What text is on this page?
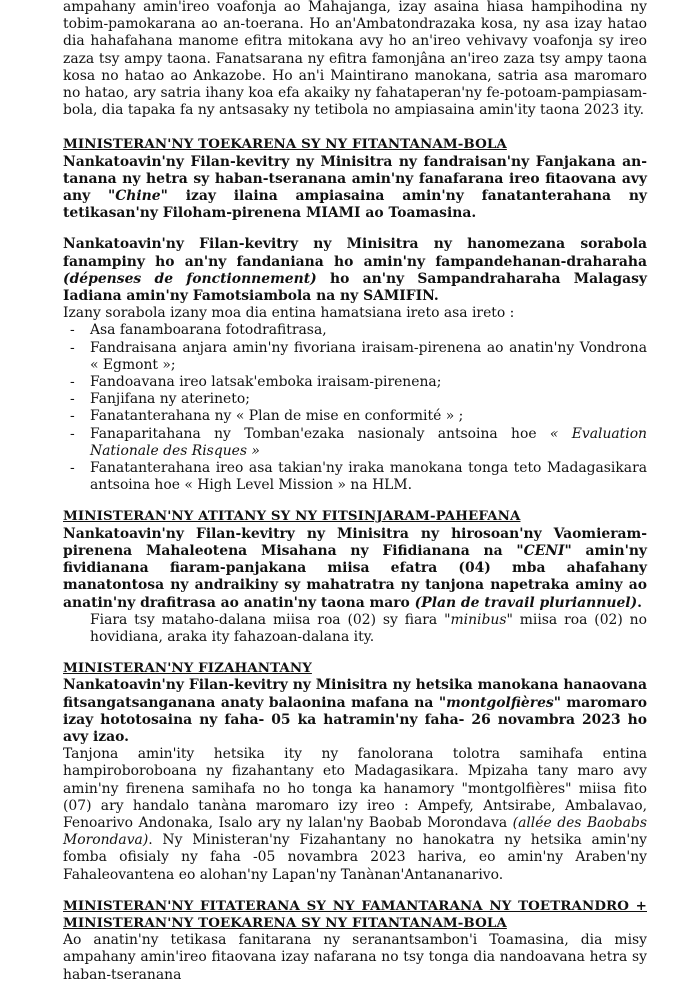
ampahany amin'ireo voafonja ao Mahajanga, izay asaina hiasa hampihodina ny tobim-pamokarana ao an-toerana. Ho an'Ambatondrazaka kosa, ny asa izay hatao dia hahafahana manome efitra mitokana avy ho an'ireo vehivavy voafonja sy ireo zaza tsy ampy taona. Fanatsarana ny efitra famonjâna an'ireo zaza tsy ampy taona kosa no hatao ao Ankazobe. Ho an'i Maintirano manokana, satria asa maromaro no hatao, ary satria ihany koa efa akaiky ny fahataperan'ny fe-potoam-pampiasam-bola, dia tapaka fa ny antsasaky ny tetibola no ampiasaina amin'ity taona 2023 ity.

MINISTERAN'NY TOEKARENA SY NY FITANTANAM-BOLA

Nankatoavin'ny Filan-kevitry ny Minisitra ny fandraisan'ny Fanjakana an-tanana ny hetra sy haban-tseranana amin'ny fanafarana ireo fitaovana avy any "Chine" izay ilaina ampiasaina amin'ny fanatanterahana ny tetikasan'ny Filoham-pirenena MIAMI ao Toamasina.

Nankatoavin'ny Filan-kevitry ny Minisitra ny hanomezana sorabola fanampiny ho an'ny fandaniana ho amin'ny fampandehanan-draharaha (dépenses de fonctionnement) ho an'ny Sampandraharaha Malagasy Iadiana amin'ny Famotsiambola na ny SAMIFIN.

Izany sorabola izany moa dia entina hamatsiana ireto asa ireto :

- Asa fanamboarana fotodrafitrasa,
- Fandraisana anjara amin'ny fivoriana iraisam-pirenena ao anatin'ny Vondrona « Egmont »;
- Fandoavana ireo latsak'emboka iraisam-pirenena;
- Fanjifana ny aterineto;
- Fanatanterahana ny « Plan de mise en conformité » ;
- Fanaparitahana ny Tomban'ezaka nasionaly antsoina hoe « Evaluation Nationale des Risques »
- Fanatanterahana ireo asa takian'ny iraka manokana tonga teto Madagasikara antsoina hoe « High Level Mission » na HLM.

MINISTERAN'NY ATITANY SY NY FITSINJARAM-PAHEFANA

Nankatoavin'ny Filan-kevitry ny Minisitra ny hirosoan'ny Vaomieram-pirenena Mahaleotena Misahana ny Fifidianana na "CENI" amin'ny fividianana fiaram-panjakana miisa efatra (04) mba ahafahany manatontosa ny andraikiny sy mahatratra ny tanjona napetraka aminy ao anatin'ny drafitrasa ao anatin'ny taona maro (Plan de travail pluriannuel).

Fiara tsy mataho-dalana miisa roa (02) sy fiara "minibus" miisa roa (02) no hovidiana, araka ity fahazoan-dalana ity.

MINISTERAN'NY FIZAHANTANY

Nankatoavin'ny Filan-kevitry ny Minisitra ny hetsika manokana hanaovana fitsangatsanganana anaty balaonina mafana na "montgolfières" maromaro izay hototosaina ny faha- 05 ka hatramin'ny faha- 26 novambra 2023 ho avy izao.

Tanjona amin'ity hetsika ity ny fanolorana tolotra samihafa entina hampiroboroboana ny fizahantany eto Madagasikara. Mpizaha tany maro avy amin'ny firenena samihafa no ho tonga ka hanamory "montgolfières" miisa fito (07) ary handalo tanàna maromaro izy ireo : Ampefy, Antsirabe, Ambalavao, Fenoarivo Andonaka, Isalo ary ny lalan'ny Baobab Morondava (allée des Baobabs Morondava). Ny Ministeran'ny Fizahantany no hanokatra ny hetsika amin'ny fomba ofisialy ny faha -05 novambra 2023 hariva, eo amin'ny Araben'ny Fahaleovantena eo alohan'ny Lapan'ny Tanànan'Antananarivo.

MINISTERAN'NY FITATERANA SY NY FAMANTARANA NY TOETRANDRO +

MINISTERAN'NY TOEKARENA SY NY FITANTANAM-BOLA

Ao anatin'ny tetikasa fanitarana ny seranantsambon'i Toamasina, dia misy ampahany amin'ireo fitaovana izay nafarana no tsy tonga dia nandoavana hetra sy haban-tseranana
